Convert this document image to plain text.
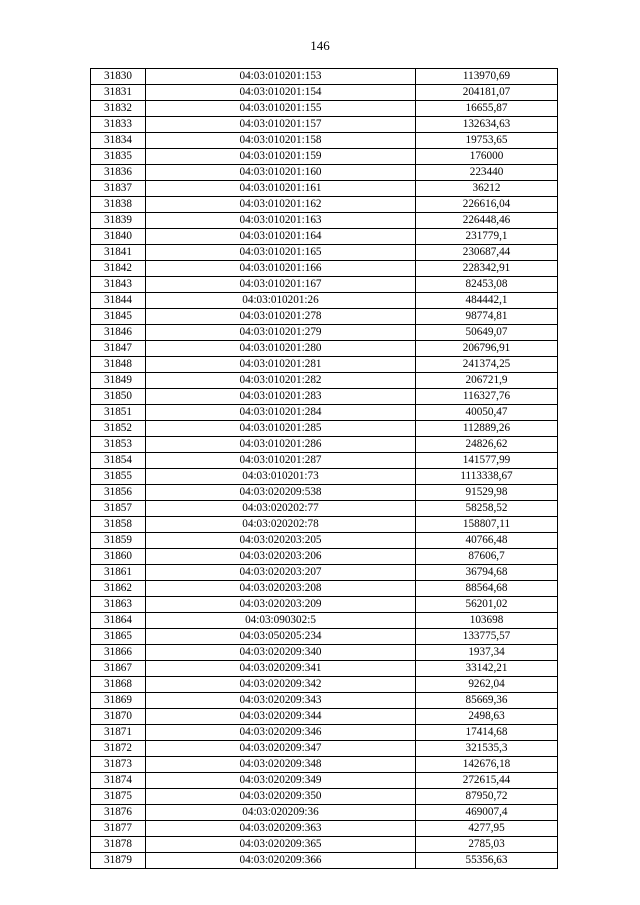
146
31830	04:03:010201:153	113970,69
31831	04:03:010201:154	204181,07
31832	04:03:010201:155	16655,87
31833	04:03:010201:157	132634,63
31834	04:03:010201:158	19753,65
31835	04:03:010201:159	176000
31836	04:03:010201:160	223440
31837	04:03:010201:161	36212
31838	04:03:010201:162	226616,04
31839	04:03:010201:163	226448,46
31840	04:03:010201:164	231779,1
31841	04:03:010201:165	230687,44
31842	04:03:010201:166	228342,91
31843	04:03:010201:167	82453,08
31844	04:03:010201:26	484442,1
31845	04:03:010201:278	98774,81
31846	04:03:010201:279	50649,07
31847	04:03:010201:280	206796,91
31848	04:03:010201:281	241374,25
31849	04:03:010201:282	206721,9
31850	04:03:010201:283	116327,76
31851	04:03:010201:284	40050,47
31852	04:03:010201:285	112889,26
31853	04:03:010201:286	24826,62
31854	04:03:010201:287	141577,99
31855	04:03:010201:73	1113338,67
31856	04:03:020209:538	91529,98
31857	04:03:020202:77	58258,52
31858	04:03:020202:78	158807,11
31859	04:03:020203:205	40766,48
31860	04:03:020203:206	87606,7
31861	04:03:020203:207	36794,68
31862	04:03:020203:208	88564,68
31863	04:03:020203:209	56201,02
31864	04:03:090302:5	103698
31865	04:03:050205:234	133775,57
31866	04:03:020209:340	1937,34
31867	04:03:020209:341	33142,21
31868	04:03:020209:342	9262,04
31869	04:03:020209:343	85669,36
31870	04:03:020209:344	2498,63
31871	04:03:020209:346	17414,68
31872	04:03:020209:347	321535,3
31873	04:03:020209:348	142676,18
31874	04:03:020209:349	272615,44
31875	04:03:020209:350	87950,72
31876	04:03:020209:36	469007,4
31877	04:03:020209:363	4277,95
31878	04:03:020209:365	2785,03
31879	04:03:020209:366	55356,63
